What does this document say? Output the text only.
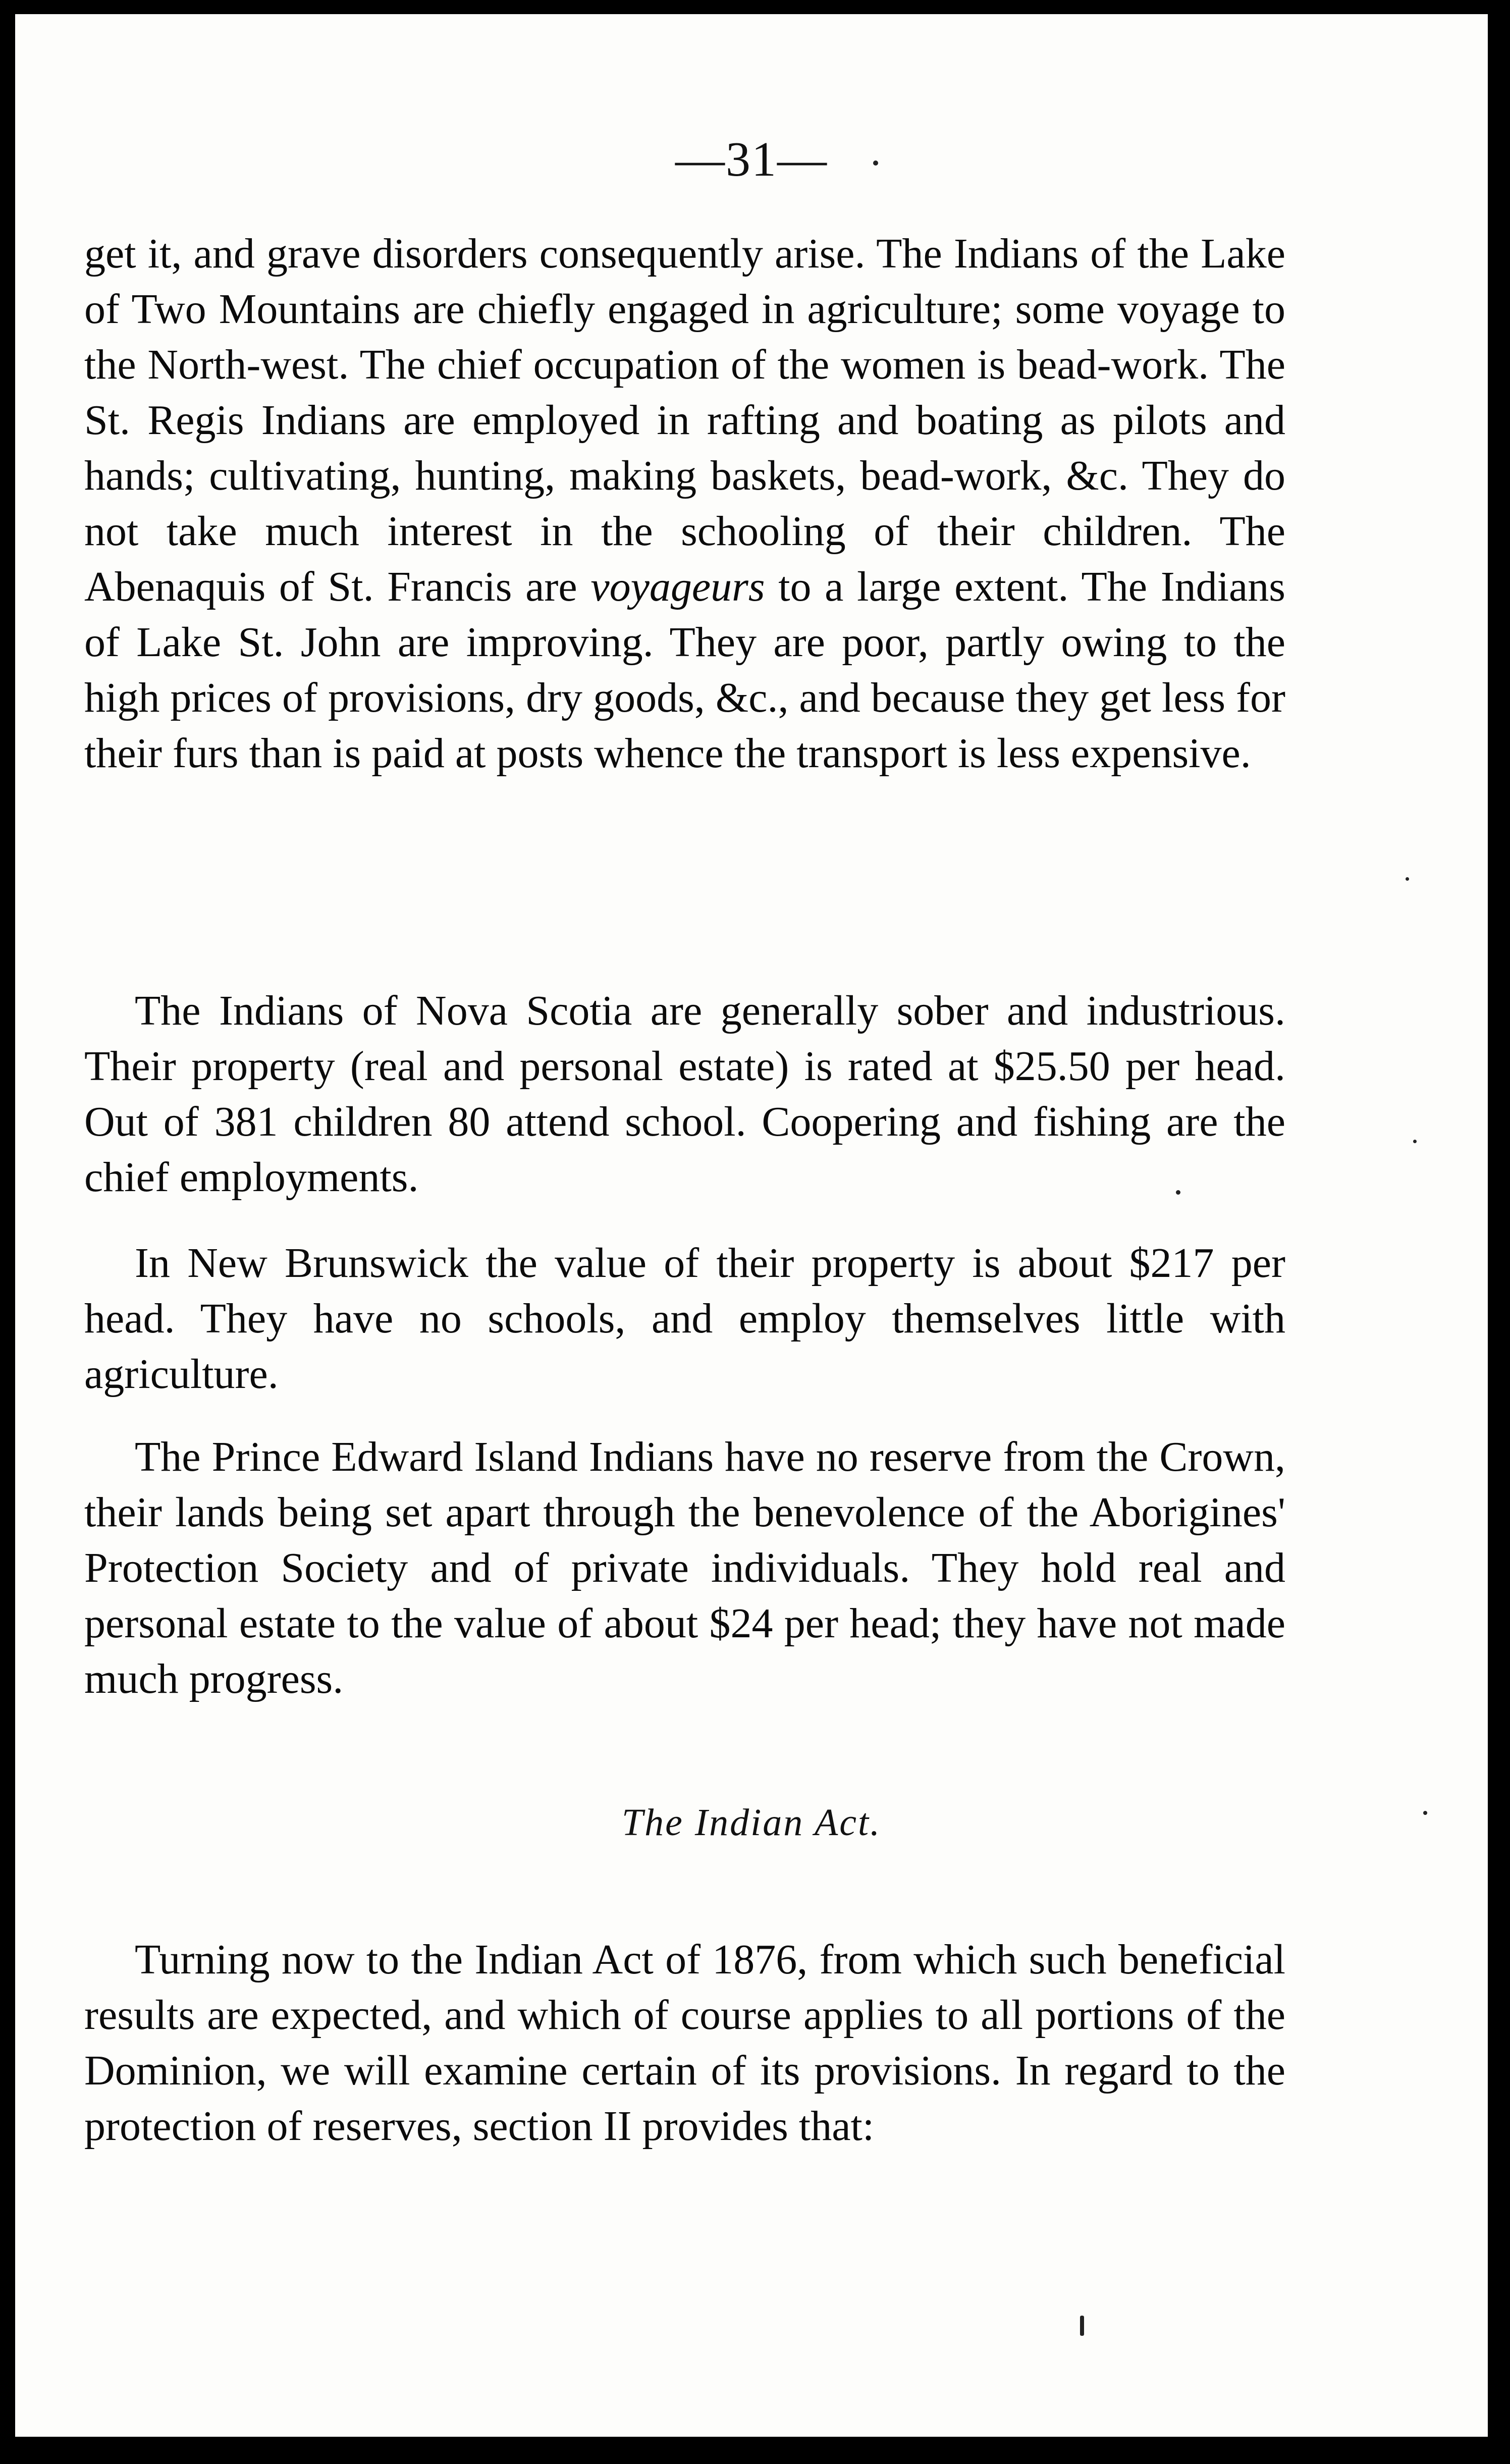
—31—
get it, and grave disorders consequently arise. The Indians of the Lake of Two Mountains are chiefly engaged in agriculture; some voyage to the North-west. The chief occupation of the women is bead-work. The St. Regis Indians are employed in rafting and boating as pilots and hands; cultivating, hunting, making baskets, bead-work, &c. They do not take much interest in the schooling of their children. The Abenaquis of St. Francis are voyageurs to a large extent. The Indians of Lake St. John are improving. They are poor, partly owing to the high prices of provisions, dry goods, &c., and because they get less for their furs than is paid at posts whence the transport is less expensive.
The Indians of Nova Scotia are generally sober and industrious. Their property (real and personal estate) is rated at $25.50 per head. Out of 381 children 80 attend school. Coopering and fishing are the chief employments.
In New Brunswick the value of their property is about $217 per head. They have no schools, and employ themselves little with agriculture.
The Prince Edward Island Indians have no reserve from the Crown, their lands being set apart through the benevolence of the Aborigines' Protection Society and of private individuals. They hold real and personal estate to the value of about $24 per head; they have not made much progress.
The Indian Act.
Turning now to the Indian Act of 1876, from which such beneficial results are expected, and which of course applies to all portions of the Dominion, we will examine certain of its provisions. In regard to the protection of reserves, section II provides that:
